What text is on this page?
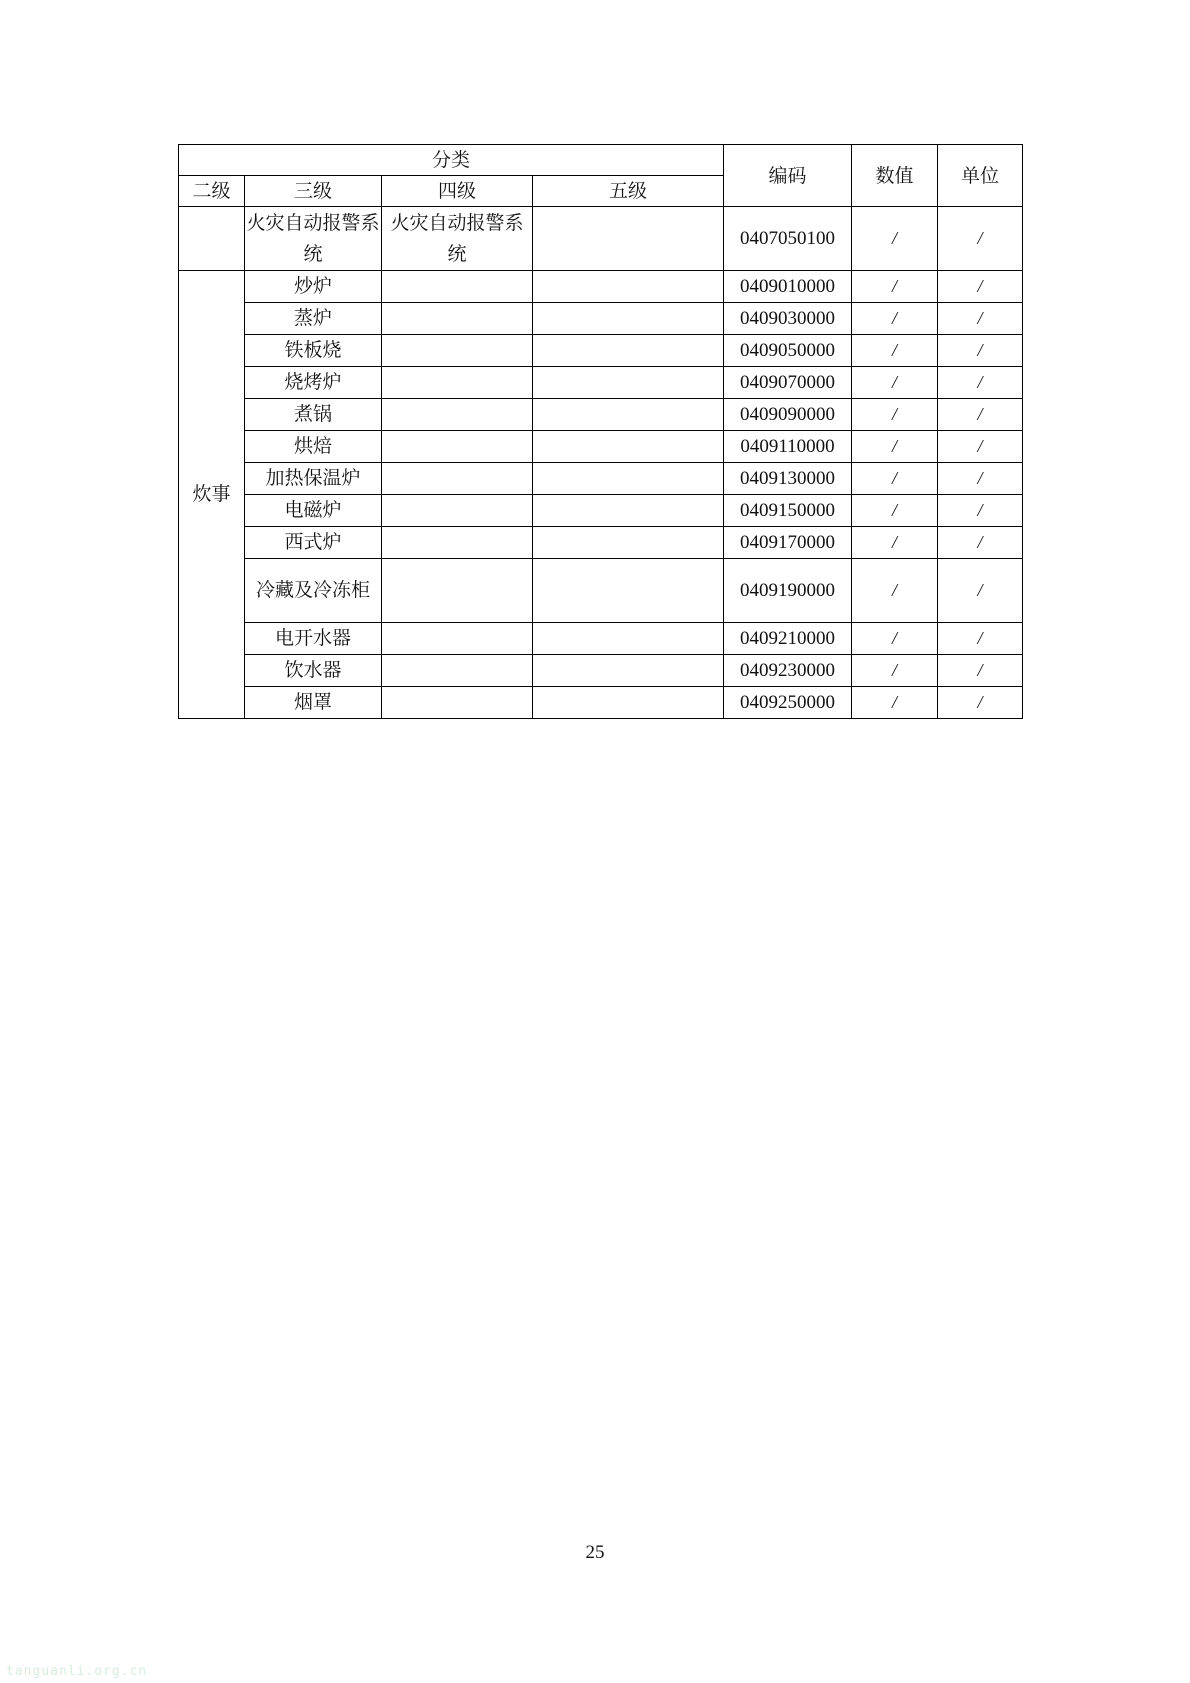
分类				编码	数值	单位
二级	三级	四级	五级			
	火灾自动报警系统	火灾自动报警系统		0407050100	/	/
炊事	炒炉			0409010000	/	/
	蒸炉			0409030000	/	/
	铁板烧			0409050000	/	/
	烧烤炉			0409070000	/	/
	煮锅			0409090000	/	/
	烘焙			0409110000	/	/
	加热保温炉			0409130000	/	/
	电磁炉			0409150000	/	/
	西式炉			0409170000	/	/
	冷藏及冷冻柜			0409190000	/	/
	电开水器			0409210000	/	/
	饮水器			0409230000	/	/
	烟罩			0409250000	/	/
25
tanguanli.org.cn
